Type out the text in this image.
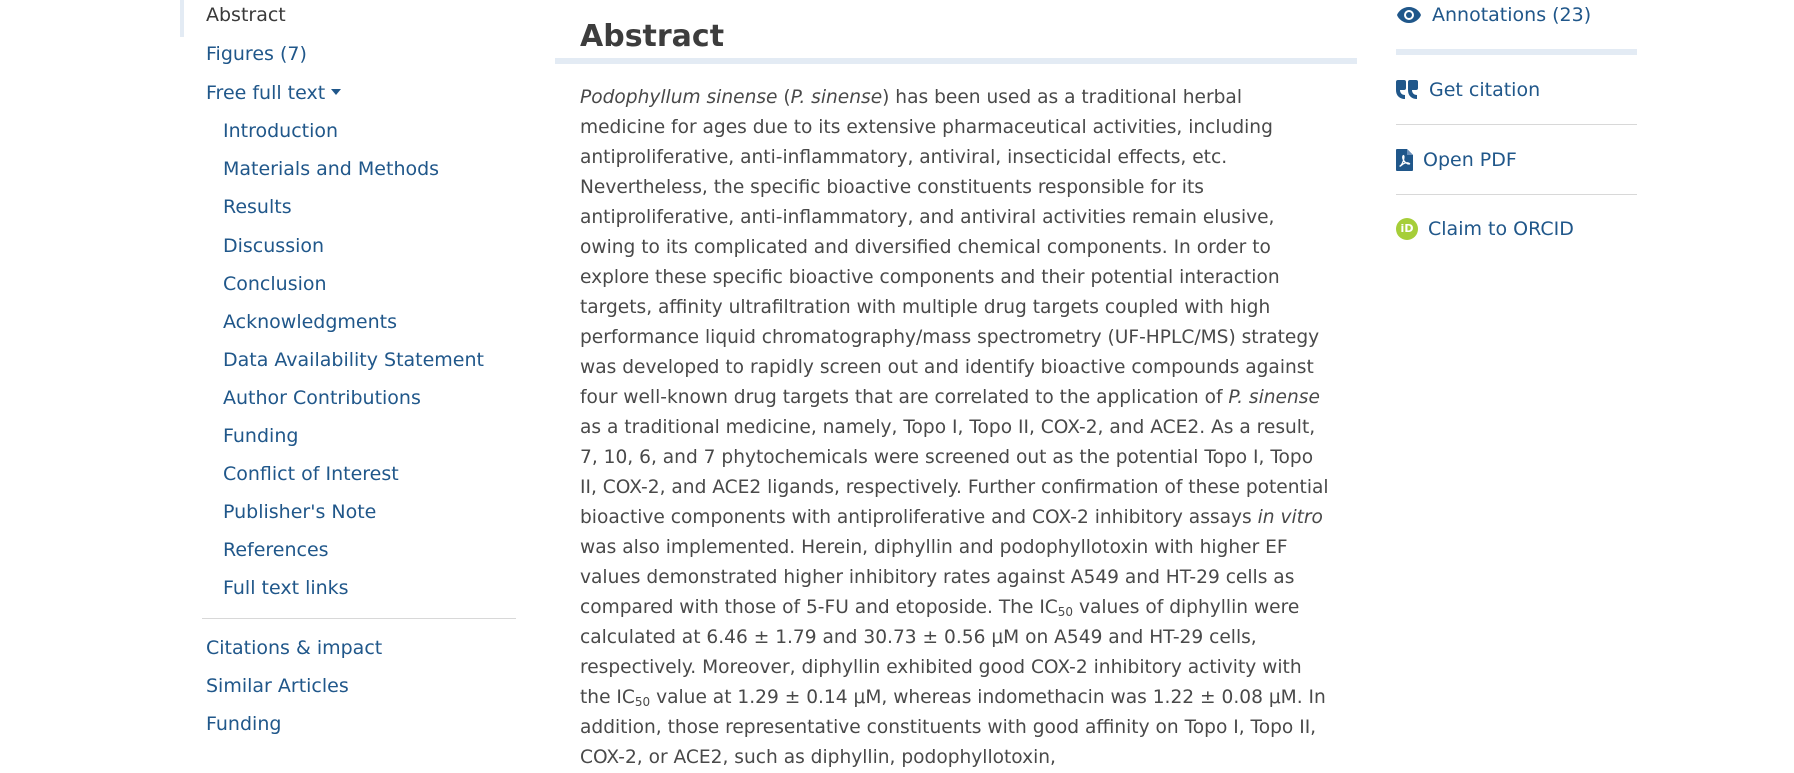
Abstract
Figures (7)
Free full text
Introduction
Materials and Methods
Results
Discussion
Conclusion
Acknowledgments
Data Availability Statement
Author Contributions
Funding
Conflict of Interest
Publisher's Note
References
Full text links
Citations & impact
Similar Articles
Funding
Abstract
Podophyllum sinense (P. sinense) has been used as a traditional herbal medicine for ages due to its extensive pharmaceutical activities, including antiproliferative, anti-inflammatory, antiviral, insecticidal effects, etc. Nevertheless, the specific bioactive constituents responsible for its antiproliferative, anti-inflammatory, and antiviral activities remain elusive, owing to its complicated and diversified chemical components. In order to explore these specific bioactive components and their potential interaction targets, affinity ultrafiltration with multiple drug targets coupled with high performance liquid chromatography/mass spectrometry (UF-HPLC/MS) strategy was developed to rapidly screen out and identify bioactive compounds against four well-known drug targets that are correlated to the application of P. sinense as a traditional medicine, namely, Topo I, Topo II, COX-2, and ACE2. As a result, 7, 10, 6, and 7 phytochemicals were screened out as the potential Topo I, Topo II, COX-2, and ACE2 ligands, respectively. Further confirmation of these potential bioactive components with antiproliferative and COX-2 inhibitory assays in vitro was also implemented. Herein, diphyllin and podophyllotoxin with higher EF values demonstrated higher inhibitory rates against A549 and HT-29 cells as compared with those of 5-FU and etoposide. The $IC_{50}$ values of diphyllin were calculated at 6.46 ± 1.79 and 30.73 ± 0.56 μM on A549 and HT-29 cells, respectively. Moreover, diphyllin exhibited good COX-2 inhibitory activity with the $IC_{50}$ value at 1.29 ± 0.14 μM, whereas indomethacin was 1.22 ± 0.08 μM. In addition, those representative constituents with good affinity on Topo I, Topo II, COX-2, or ACE2, such as diphyllin, podophyllotoxin,
Annotations (23)
Get citation
Open PDF
iD Claim to ORCID
